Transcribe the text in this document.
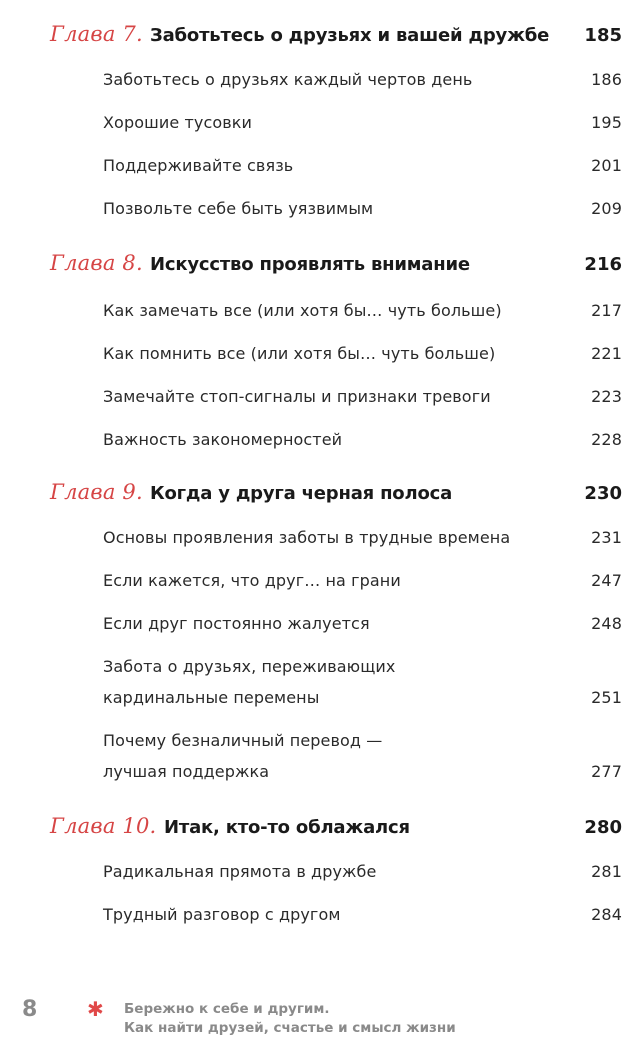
Глава 7. Заботьтесь о друзьях и вашей дружбе 185
Заботьтесь о друзьях каждый чертов день	186
Хорошие тусовки	195
Поддерживайте связь	201
Позвольте себе быть уязвимым	209
Глава 8. Искусство проявлять внимание	216
Как замечать все (или хотя бы… чуть больше)	217
Как помнить все (или хотя бы… чуть больше)	221
Замечайте стоп-сигналы и признаки тревоги	223
Важность закономерностей	228
Глава 9. Когда у друга черная полоса	230
Основы проявления заботы в трудные времена	231
Если кажется, что друг… на грани	247
Если друг постоянно жалуется	248
Забота о друзьях, переживающих
кардинальные перемены	251
Почему безналичный перевод —
лучшая поддержка	277
Глава 10. Итак, кто-то облажался	280
Радикальная прямота в дружбе	281
Трудный разговор с другом	284
8 ✱ Бережно к себе и другим.
Как найти друзей, счастье и смысл жизни
